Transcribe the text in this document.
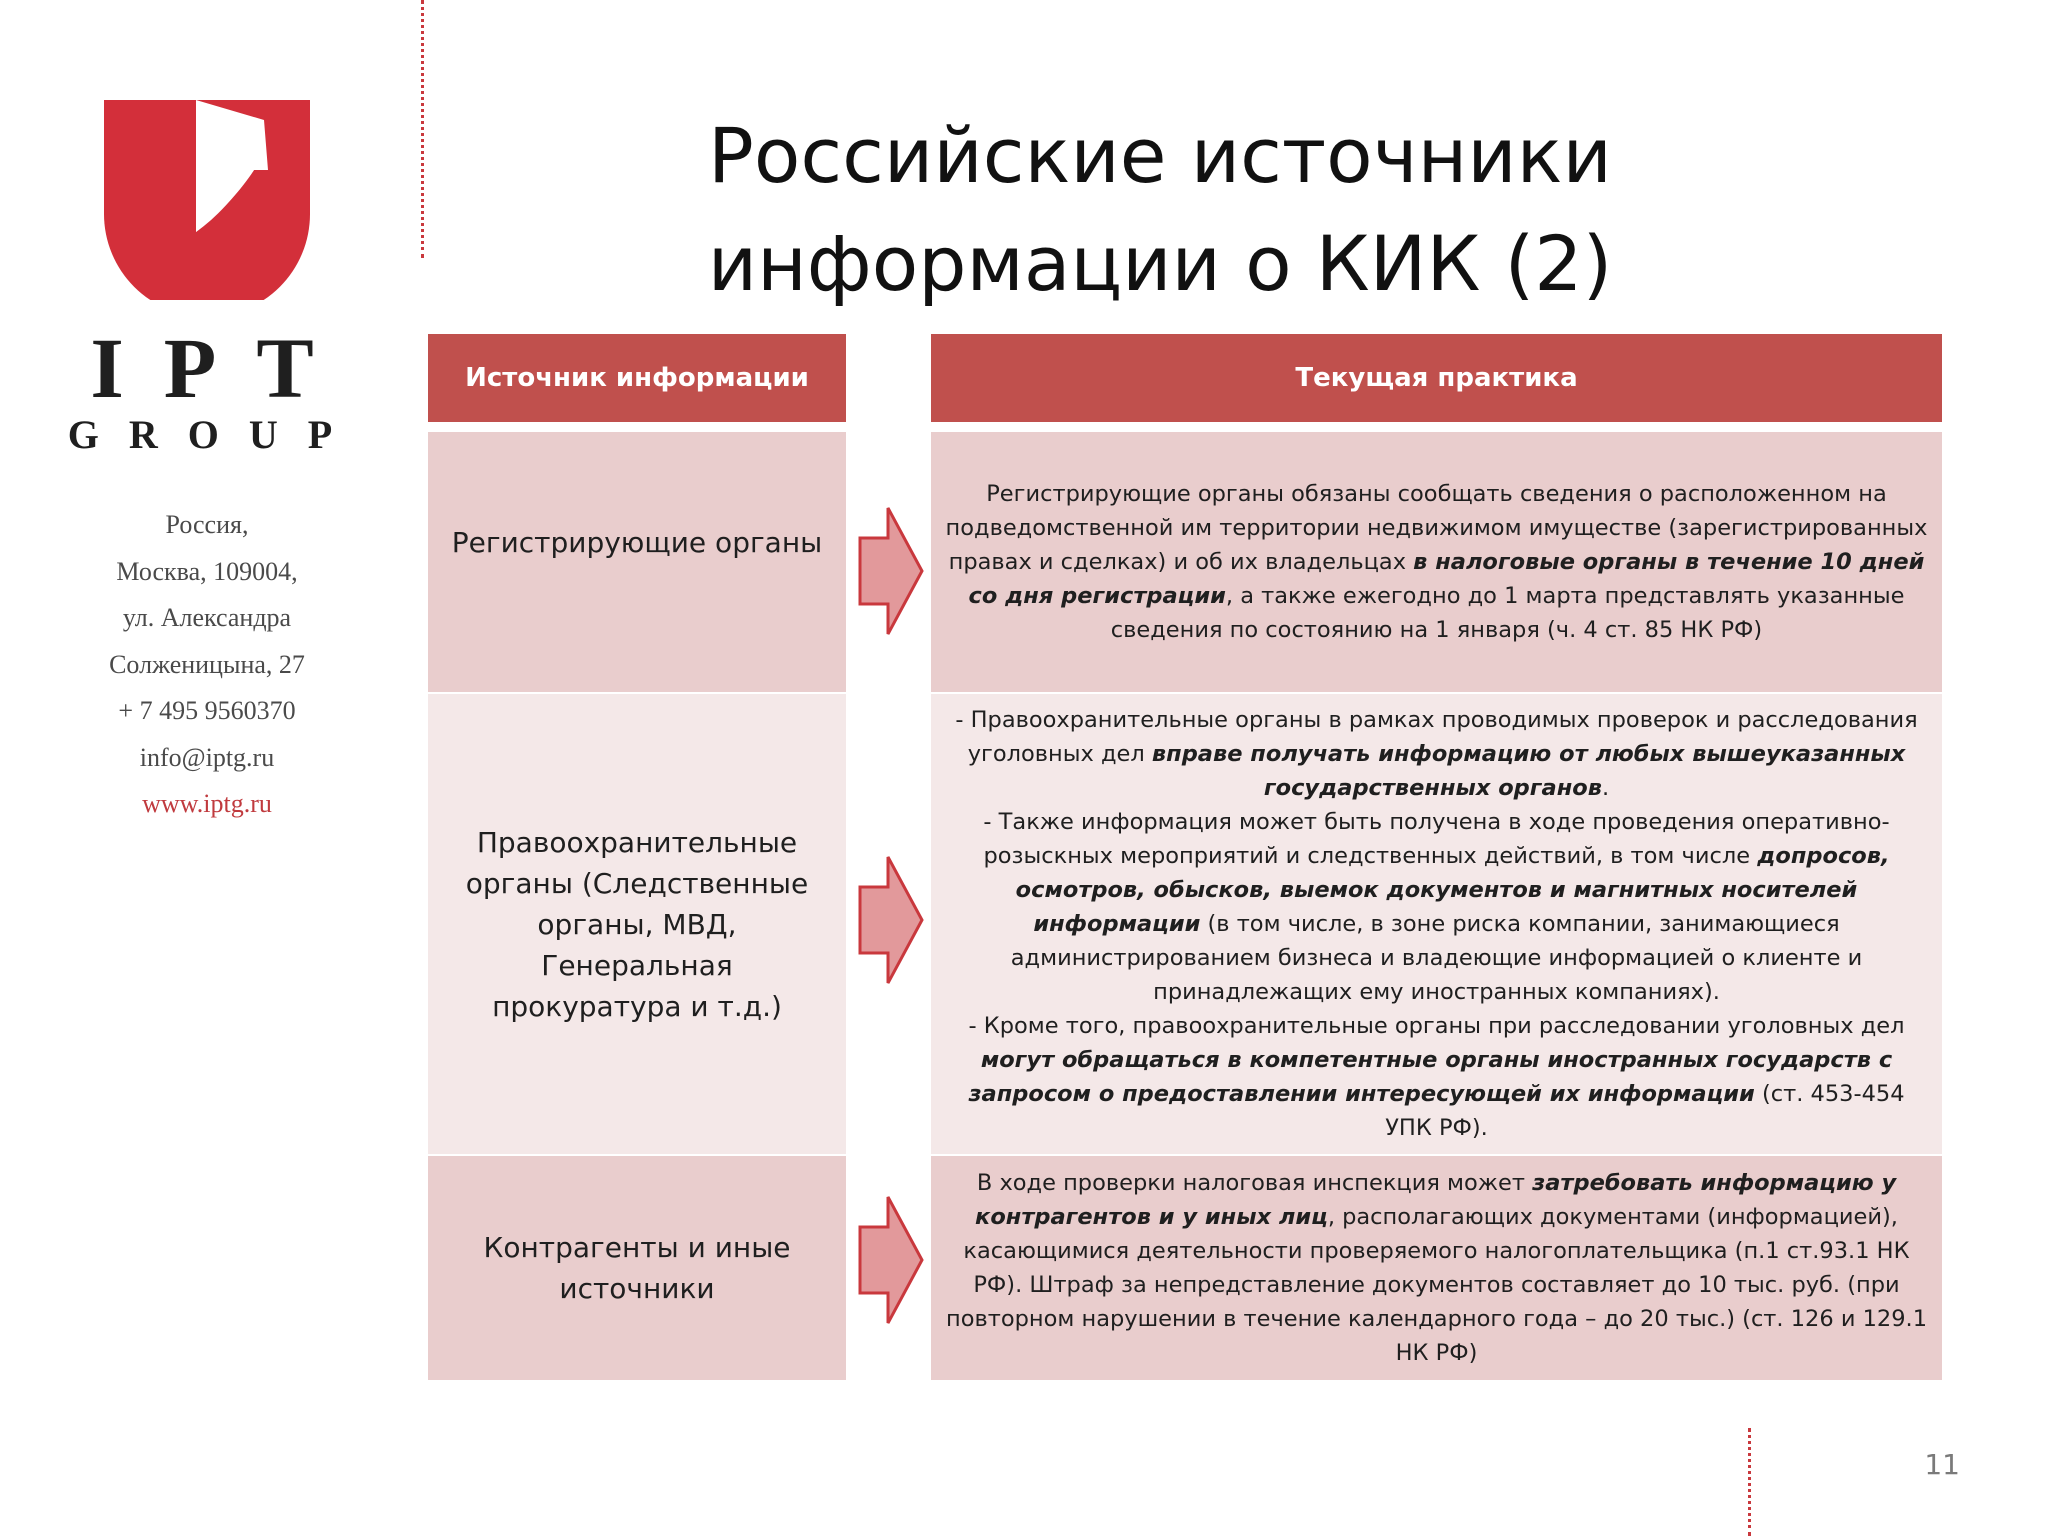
IPT
GROUP
Россия,
Москва, 109004,
ул. Александра
Солженицына, 27
+ 7 495 9560370
info@iptg.ru
www.iptg.ru
Российские источники
информации о КИК (2)
Источник информации	Текущая практика
Регистрирующие органы
Регистрирующие органы обязаны сообщать сведения о расположенном на подведомственной им территории недвижимом имуществе (зарегистрированных правах и сделках) и об их владельцах в налоговые органы в течение 10 дней со дня регистрации, а также ежегодно до 1 марта представлять указанные сведения по состоянию на 1 января (ч. 4 ст. 85 НК РФ)
Правоохранительные органы (Следственные органы, МВД, Генеральная прокуратура и т.д.)
- Правоохранительные органы в рамках проводимых проверок и расследования уголовных дел вправе получать информацию от любых вышеуказанных государственных органов.
- Также информация может быть получена в ходе проведения оперативно-розыскных мероприятий и следственных действий, в том числе допросов, осмотров, обысков, выемок документов и магнитных носителей информации (в том числе, в зоне риска компании, занимающиеся администрированием бизнеса и владеющие информацией о клиенте и принадлежащих ему иностранных компаниях).
- Кроме того, правоохранительные органы при расследовании уголовных дел могут обращаться в компетентные органы иностранных государств с запросом о предоставлении интересующей их информации (ст. 453-454 УПК РФ).
Контрагенты и иные источники
В ходе проверки налоговая инспекция может затребовать информацию у контрагентов и у иных лиц, располагающих документами (информацией), касающимися деятельности проверяемого налогоплательщика (п.1 ст.93.1 НК РФ). Штраф за непредставление документов составляет до 10 тыс. руб. (при повторном нарушении в течение календарного года – до 20 тыс.) (ст. 126 и 129.1 НК РФ)
11
